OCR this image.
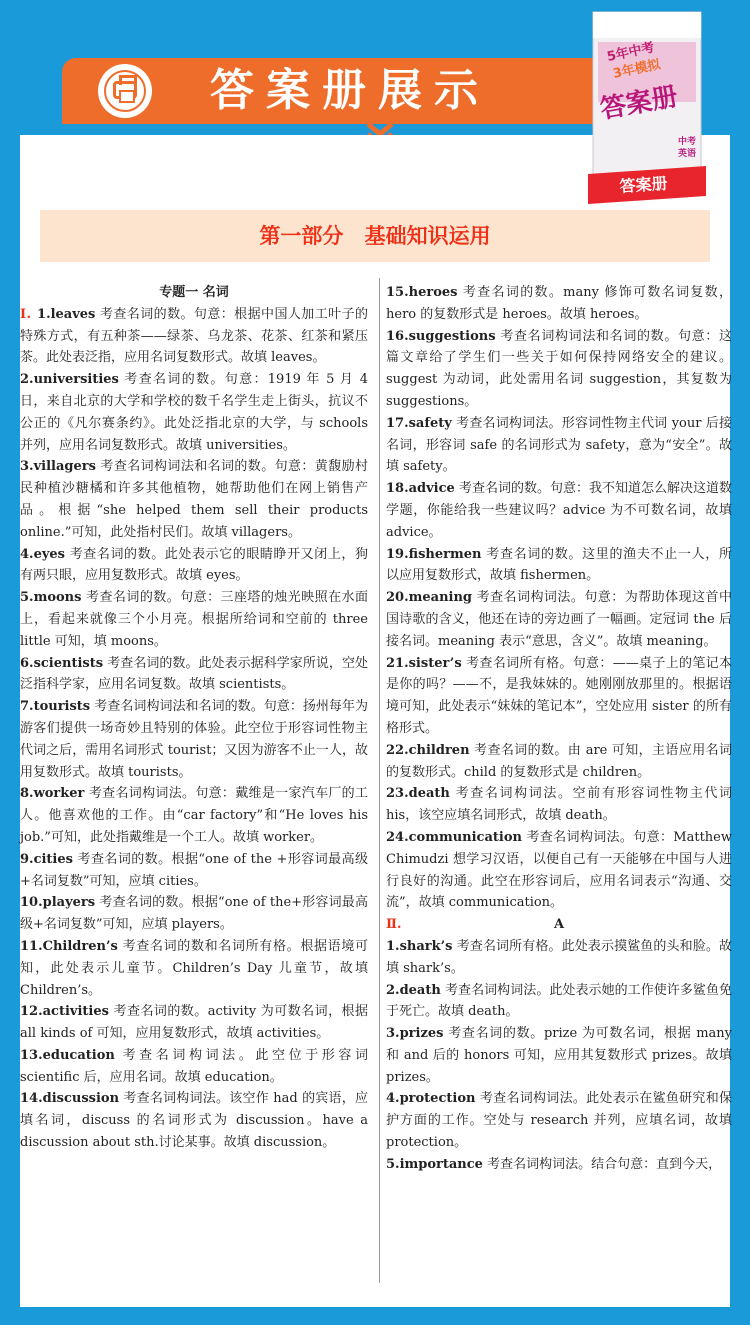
答案册展示
第一部分 基础知识运用

专题一 名词

Ⅰ. 1.leaves 考查名词的数。句意：根据中国人加工叶子的特殊方式，有五种茶——绿茶、乌龙茶、花茶、红茶和紧压茶。此处表泛指，应用名词复数形式。故填 leaves。

2.universities 考查名词的数。句意：1919 年 5 月 4 日，来自北京的大学和学校的数千名学生走上街头，抗议不公正的《凡尔赛条约》。此处泛指北京的大学，与 schools 并列，应用名词复数形式。故填 universities。

3.villagers 考查名词构词法和名词的数。句意：黄馥励村民种植沙糖橘和许多其他植物，她帮助他们在网上销售产品。根据“she helped them sell their products online.”可知，此处指村民们。故填 villagers。

4.eyes 考查名词的数。此处表示它的眼睛睁开又闭上，狗有两只眼，应用复数形式。故填 eyes。

5.moons 考查名词的数。句意：三座塔的烛光映照在水面上，看起来就像三个小月亮。根据所给词和空前的 three little 可知，填 moons。

6.scientists 考查名词的数。此处表示据科学家所说，空处泛指科学家，应用名词复数。故填 scientists。

7.tourists 考查名词构词法和名词的数。句意：扬州每年为游客们提供一场奇妙且特别的体验。此空位于形容词性物主代词之后，需用名词形式 tourist；又因为游客不止一人，故用复数形式。故填 tourists。

8.worker 考查名词构词法。句意：戴维是一家汽车厂的工人。他喜欢他的工作。由“car factory”和“He loves his job.”可知，此处指戴维是一个工人。故填 worker。

9.cities 考查名词的数。根据“one of the +形容词最高级+名词复数”可知，应填 cities。

10.players 考查名词的数。根据“one of the+形容词最高级+名词复数”可知，应填 players。

11.Children’s 考查名词的数和名词所有格。根据语境可知，此处表示儿童节。Children’s Day 儿童节，故填 Children’s。

12.activities 考查名词的数。activity 为可数名词，根据 all kinds of 可知，应用复数形式，故填 activities。

13.education 考查名词构词法。此空位于形容词 scientific 后，应用名词。故填 education。

14.discussion 考查名词构词法。该空作 had 的宾语，应填名词，discuss 的名词形式为 discussion。have a discussion about sth.讨论某事。故填 discussion。

15.heroes 考查名词的数。many 修饰可数名词复数，hero 的复数形式是 heroes。故填 heroes。

16.suggestions 考查名词构词法和名词的数。句意：这篇文章给了学生们一些关于如何保持网络安全的建议。suggest 为动词，此处需用名词 suggestion，其复数为 suggestions。

17.safety 考查名词构词法。形容词性物主代词 your 后接名词，形容词 safe 的名词形式为 safety，意为“安全”。故填 safety。

18.advice 考查名词的数。句意：我不知道怎么解决这道数学题，你能给我一些建议吗？advice 为不可数名词，故填 advice。

19.fishermen 考查名词的数。这里的渔夫不止一人，所以应用复数形式，故填 fishermen。

20.meaning 考查名词构词法。句意：为帮助体现这首中国诗歌的含义，他还在诗的旁边画了一幅画。定冠词 the 后接名词。meaning 表示“意思，含义”。故填 meaning。

21.sister’s 考查名词所有格。句意：——桌子上的笔记本是你的吗？——不，是我妹妹的。她刚刚放那里的。根据语境可知，此处表示“妹妹的笔记本”，空处应用 sister 的所有格形式。

22.children 考查名词的数。由 are 可知，主语应用名词的复数形式。child 的复数形式是 children。

23.death 考查名词构词法。空前有形容词性物主代词 his，该空应填名词形式，故填 death。

24.communication 考查名词构词法。句意：Matthew Chimudzi 想学习汉语，以便自己有一天能够在中国与人进行良好的沟通。此空在形容词后，应用名词表示“沟通、交流”，故填 communication。

Ⅱ.	A

1.shark’s 考查名词所有格。此处表示摸鲨鱼的头和脸。故填 shark’s。

2.death 考查名词构词法。此处表示她的工作使许多鲨鱼免于死亡。故填 death。

3.prizes 考查名词的数。prize 为可数名词，根据 many 和 and 后的 honors 可知，应用其复数形式 prizes。故填 prizes。

4.protection 考查名词构词法。此处表示在鲨鱼研究和保护方面的工作。空处与 research 并列，应填名词，故填 protection。

5.importance 考查名词构词法。结合句意：直到今天，

5年中考
3年模拟
答案册
中考
英语
答案册
